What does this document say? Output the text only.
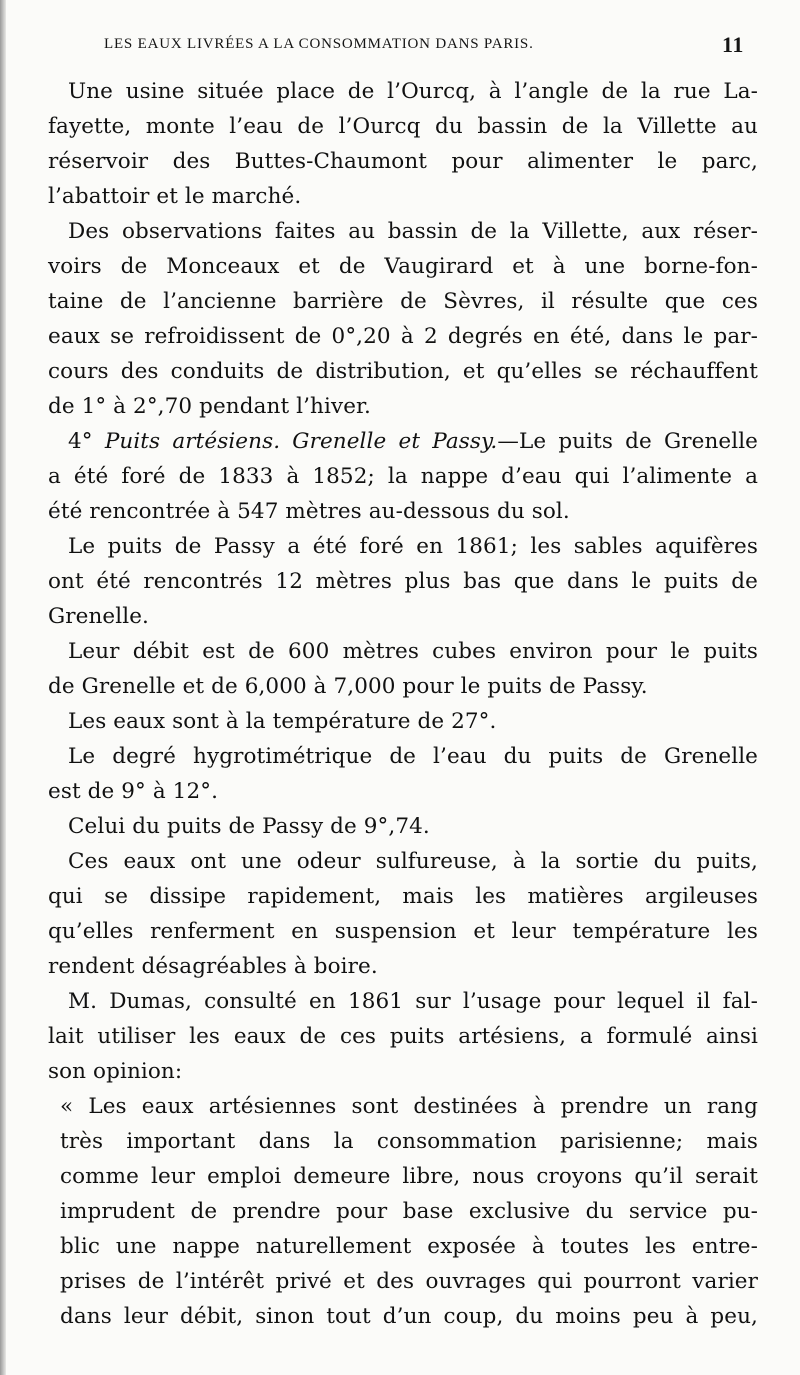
LES EAUX LIVRÉES A LA CONSOMMATION DANS PARIS.	11
Une usine située place de l’Ourcq, à l’angle de la rue La-
fayette, monte l’eau de l’Ourcq du bassin de la Villette au
réservoir des Buttes-Chaumont pour alimenter le parc,
l’abattoir et le marché.
Des observations faites au bassin de la Villette, aux réser-
voirs de Monceaux et de Vaugirard et à une borne-fon-
taine de l’ancienne barrière de Sèvres, il résulte que ces
eaux se refroidissent de 0°,20 à 2 degrés en été, dans le par-
cours des conduits de distribution, et qu’elles se réchauffent
de 1° à 2°,70 pendant l’hiver.
4° Puits artésiens. Grenelle et Passy.—Le puits de Grenelle
a été foré de 1833 à 1852; la nappe d’eau qui l’alimente a
été rencontrée à 547 mètres au-dessous du sol.
Le puits de Passy a été foré en 1861; les sables aquifères
ont été rencontrés 12 mètres plus bas que dans le puits de
Grenelle.
Leur débit est de 600 mètres cubes environ pour le puits
de Grenelle et de 6,000 à 7,000 pour le puits de Passy.
Les eaux sont à la température de 27°.
Le degré hygrotimétrique de l’eau du puits de Grenelle
est de 9° à 12°.
Celui du puits de Passy de 9°,74.
Ces eaux ont une odeur sulfureuse, à la sortie du puits,
qui se dissipe rapidement, mais les matières argileuses
qu’elles renferment en suspension et leur température les
rendent désagréables à boire.
M. Dumas, consulté en 1861 sur l’usage pour lequel il fal-
lait utiliser les eaux de ces puits artésiens, a formulé ainsi
son opinion:
« Les eaux artésiennes sont destinées à prendre un rang
très important dans la consommation parisienne; mais
comme leur emploi demeure libre, nous croyons qu’il serait
imprudent de prendre pour base exclusive du service pu-
blic une nappe naturellement exposée à toutes les entre-
prises de l’intérêt privé et des ouvrages qui pourront varier
dans leur débit, sinon tout d’un coup, du moins peu à peu,
